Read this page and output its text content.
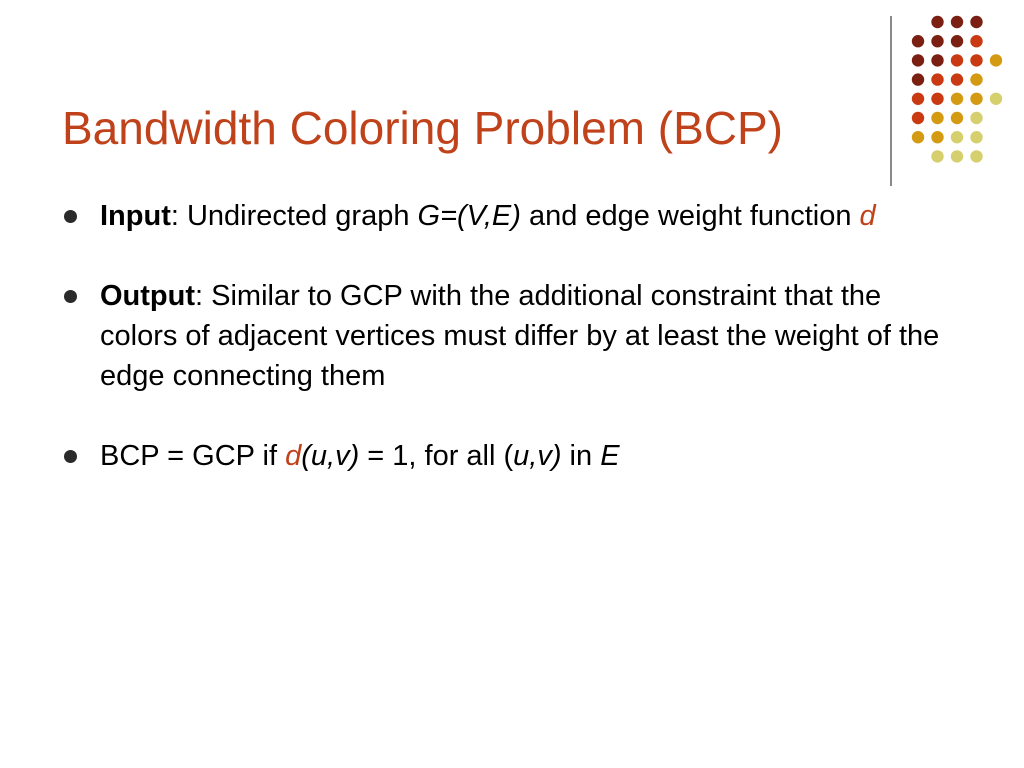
Bandwidth Coloring Problem (BCP)
Input: Undirected graph G=(V,E) and edge weight function d
Output: Similar to GCP with the additional constraint that the colors of adjacent vertices must differ by at least the weight of the edge connecting them
BCP = GCP if d(u,v) = 1, for all (u,v) in E
